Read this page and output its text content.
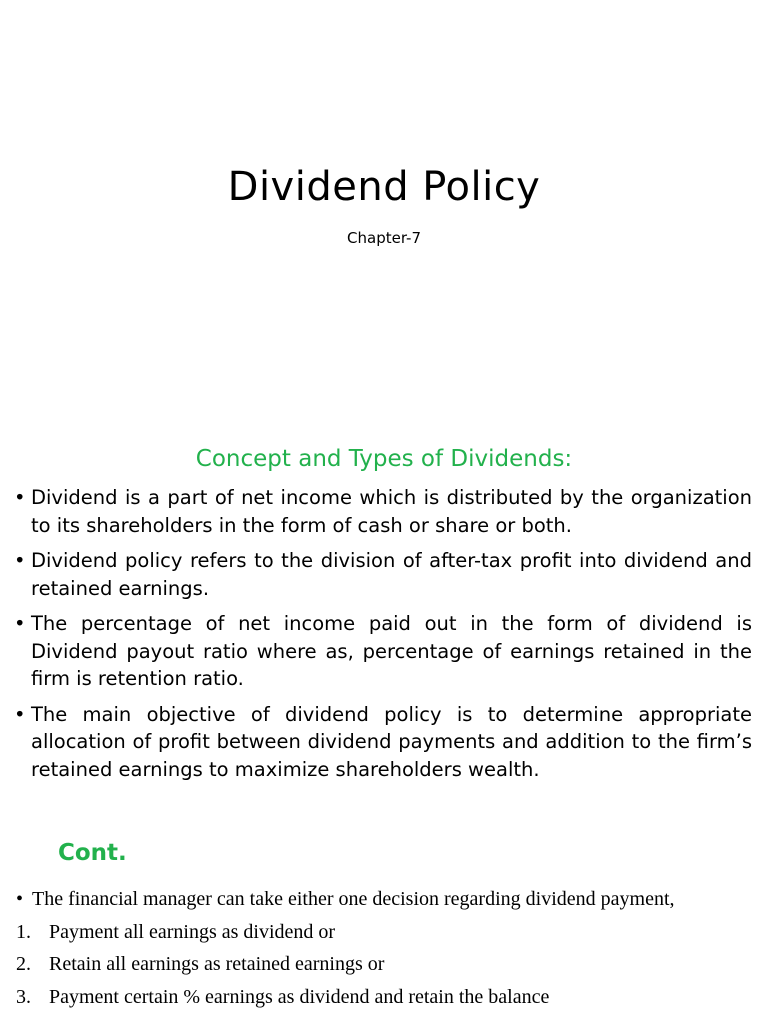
Dividend Policy

Chapter-7

Concept and Types of Dividends:
• Dividend is a part of net income which is distributed by the organization to its shareholders in the form of cash or share or both.
• Dividend policy refers to the division of after-tax profit into dividend and retained earnings.
• The percentage of net income paid out in the form of dividend is Dividend payout ratio where as, percentage of earnings retained in the firm is retention ratio.
• The main objective of dividend policy is to determine appropriate allocation of profit between dividend payments and addition to the firm’s retained earnings to maximize shareholders wealth.
Cont.
• The financial manager can take either one decision regarding dividend payment,
1. Payment all earnings as dividend or
2. Retain all earnings as retained earnings or
3. Payment certain % earnings as dividend and retain the balance
